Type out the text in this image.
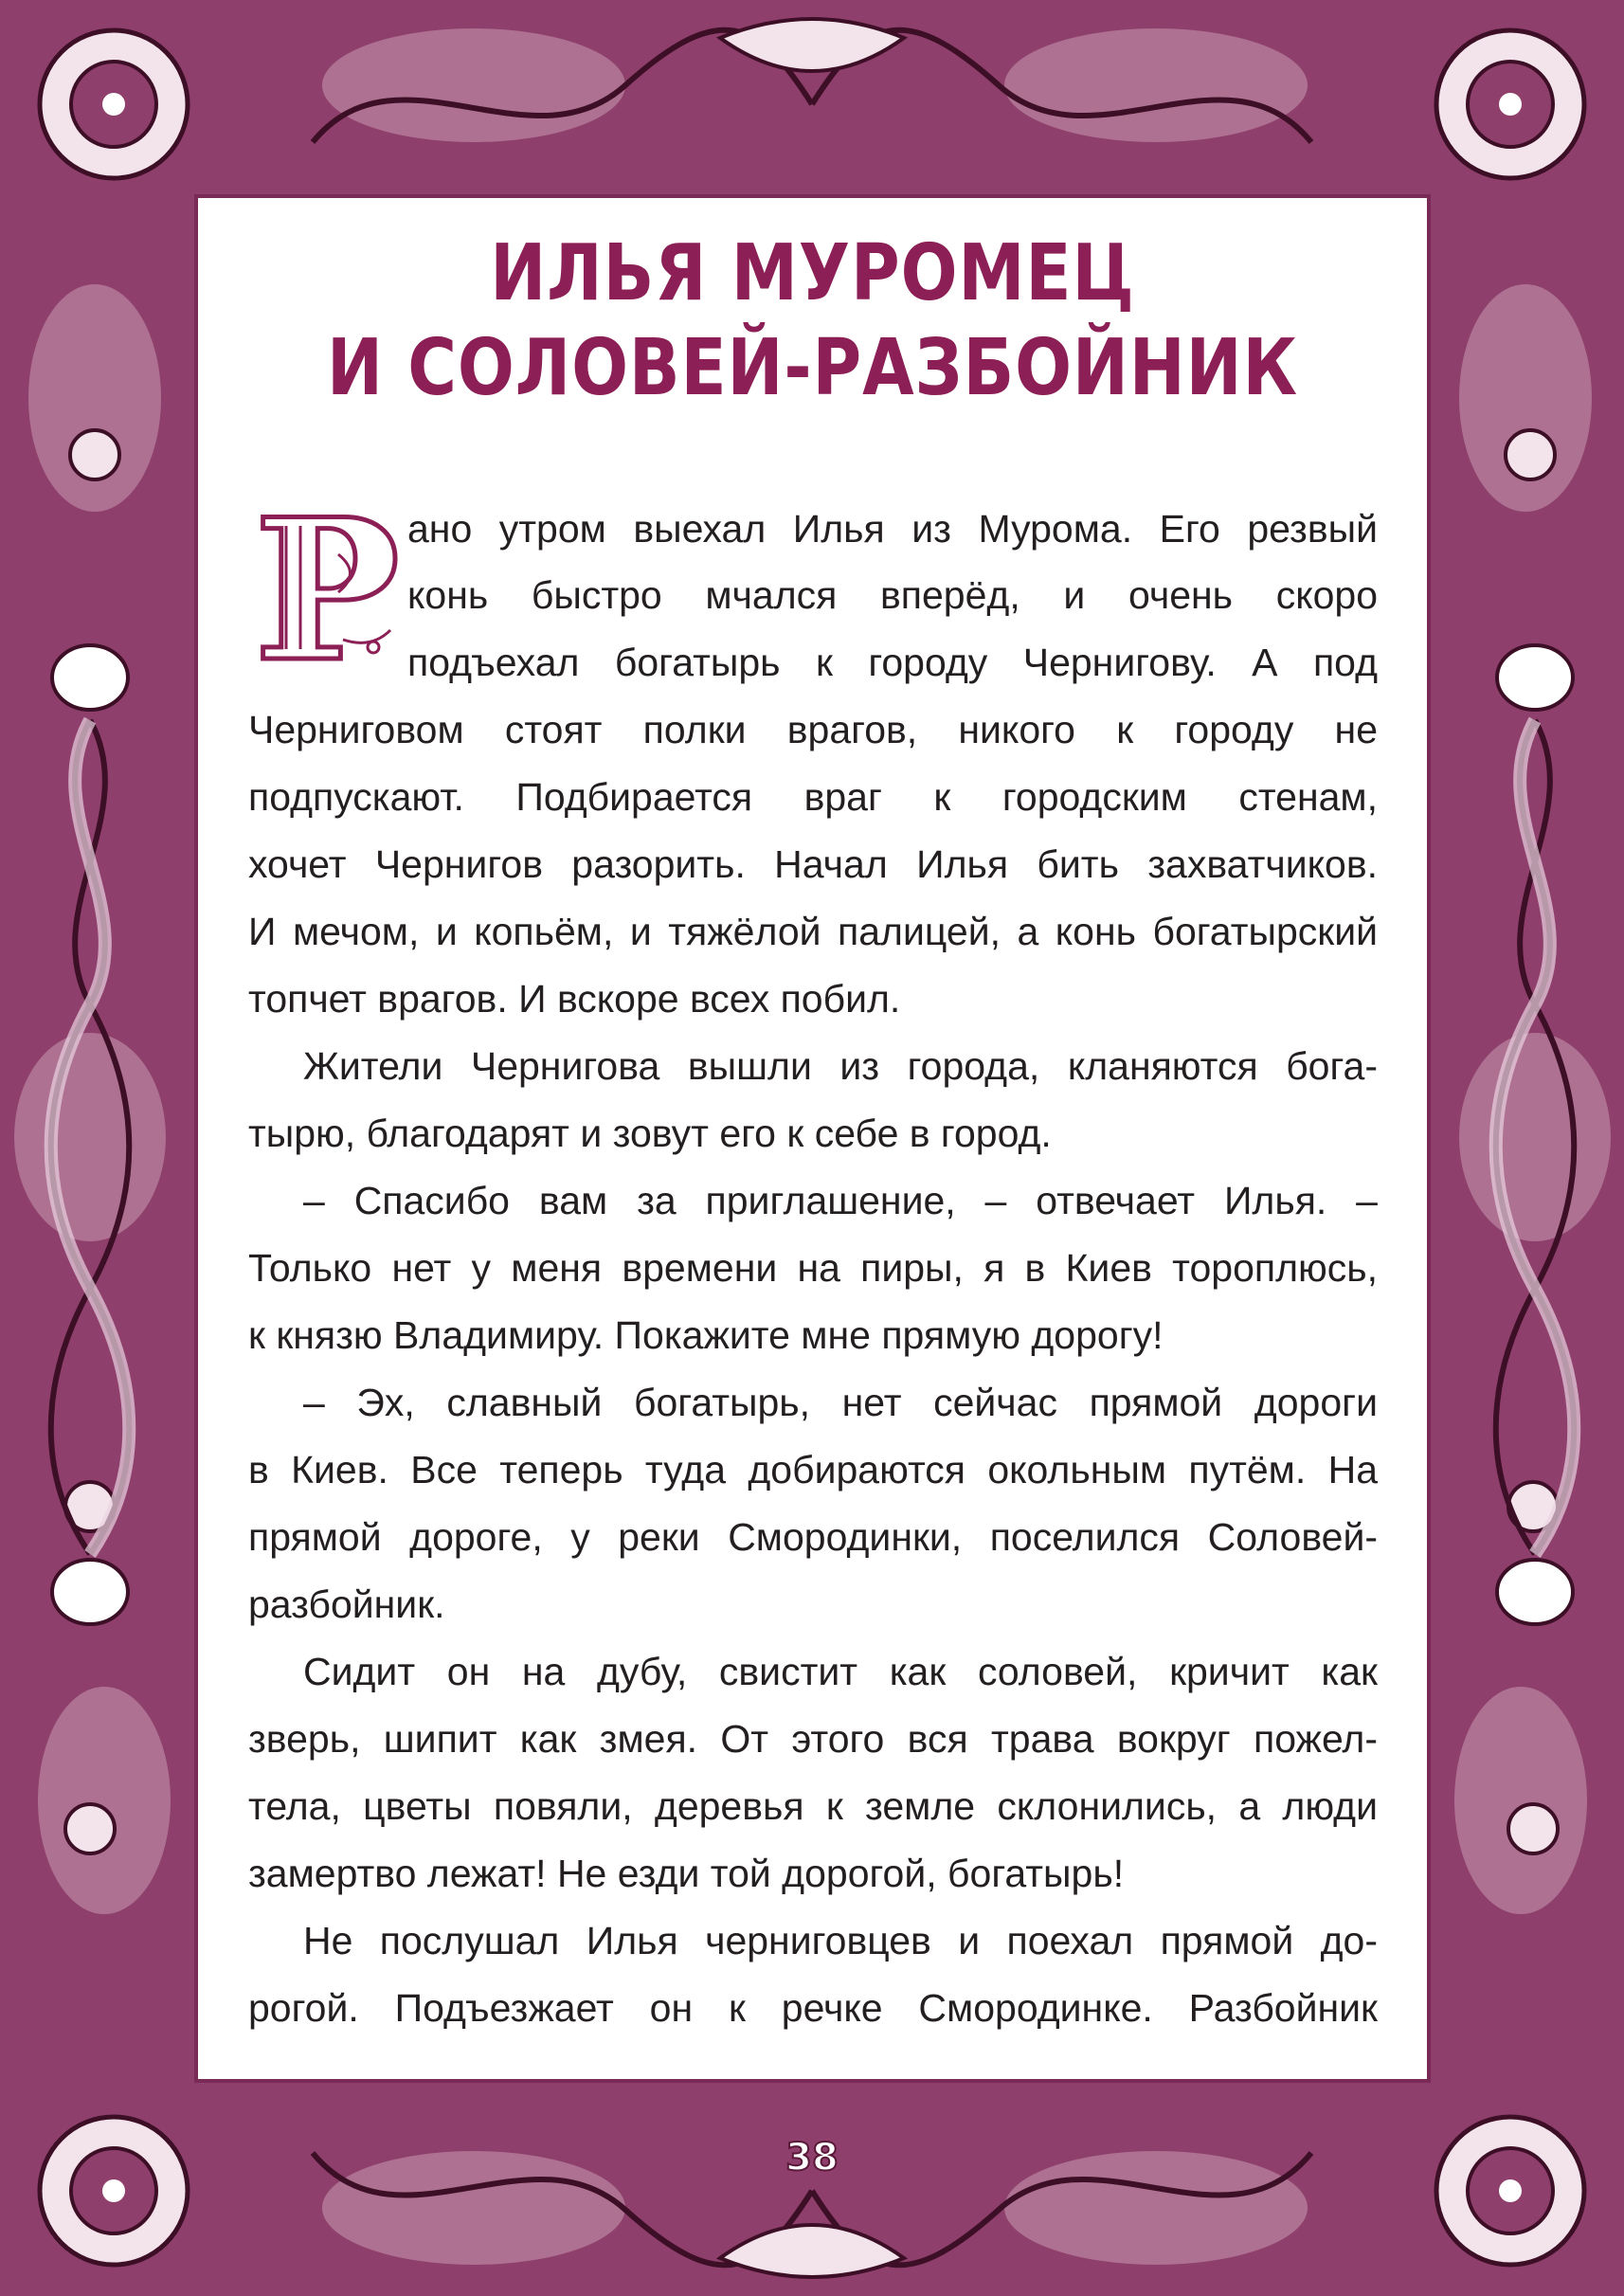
ИЛЬЯ МУРОМЕЦ
И СОЛОВЕЙ-РАЗБОЙНИК
Р ано утром выехал Илья из Мурома. Его резвый
конь быстро мчался вперёд, и очень скоро
подъехал богатырь к городу Чернигову. А под
Черниговом стоят полки врагов, никого к городу не
подпускают. Подбирается враг к городским стенам,
хочет Чернигов разорить. Начал Илья бить захватчиков.
И мечом, и копьём, и тяжёлой палицей, а конь богатырский
топчет врагов. И вскоре всех побил.
Жители Чернигова вышли из города, кланяются бога-
тырю, благодарят и зовут его к себе в город.
– Спасибо вам за приглашение, – отвечает Илья. –
Только нет у меня времени на пиры, я в Киев тороплюсь,
к князю Владимиру. Покажите мне прямую дорогу!
– Эх, славный богатырь, нет сейчас прямой дороги
в Киев. Все теперь туда добираются окольным путём. На
прямой дороге, у реки Смородинки, поселился Соловей-
разбойник.
Сидит он на дубу, свистит как соловей, кричит как
зверь, шипит как змея. От этого вся трава вокруг пожел-
тела, цветы повяли, деревья к земле склонились, а люди
замертво лежат! Не езди той дорогой, богатырь!
Не послушал Илья черниговцев и поехал прямой до-
рогой. Подъезжает он к речке Смородинке. Разбойник
38
